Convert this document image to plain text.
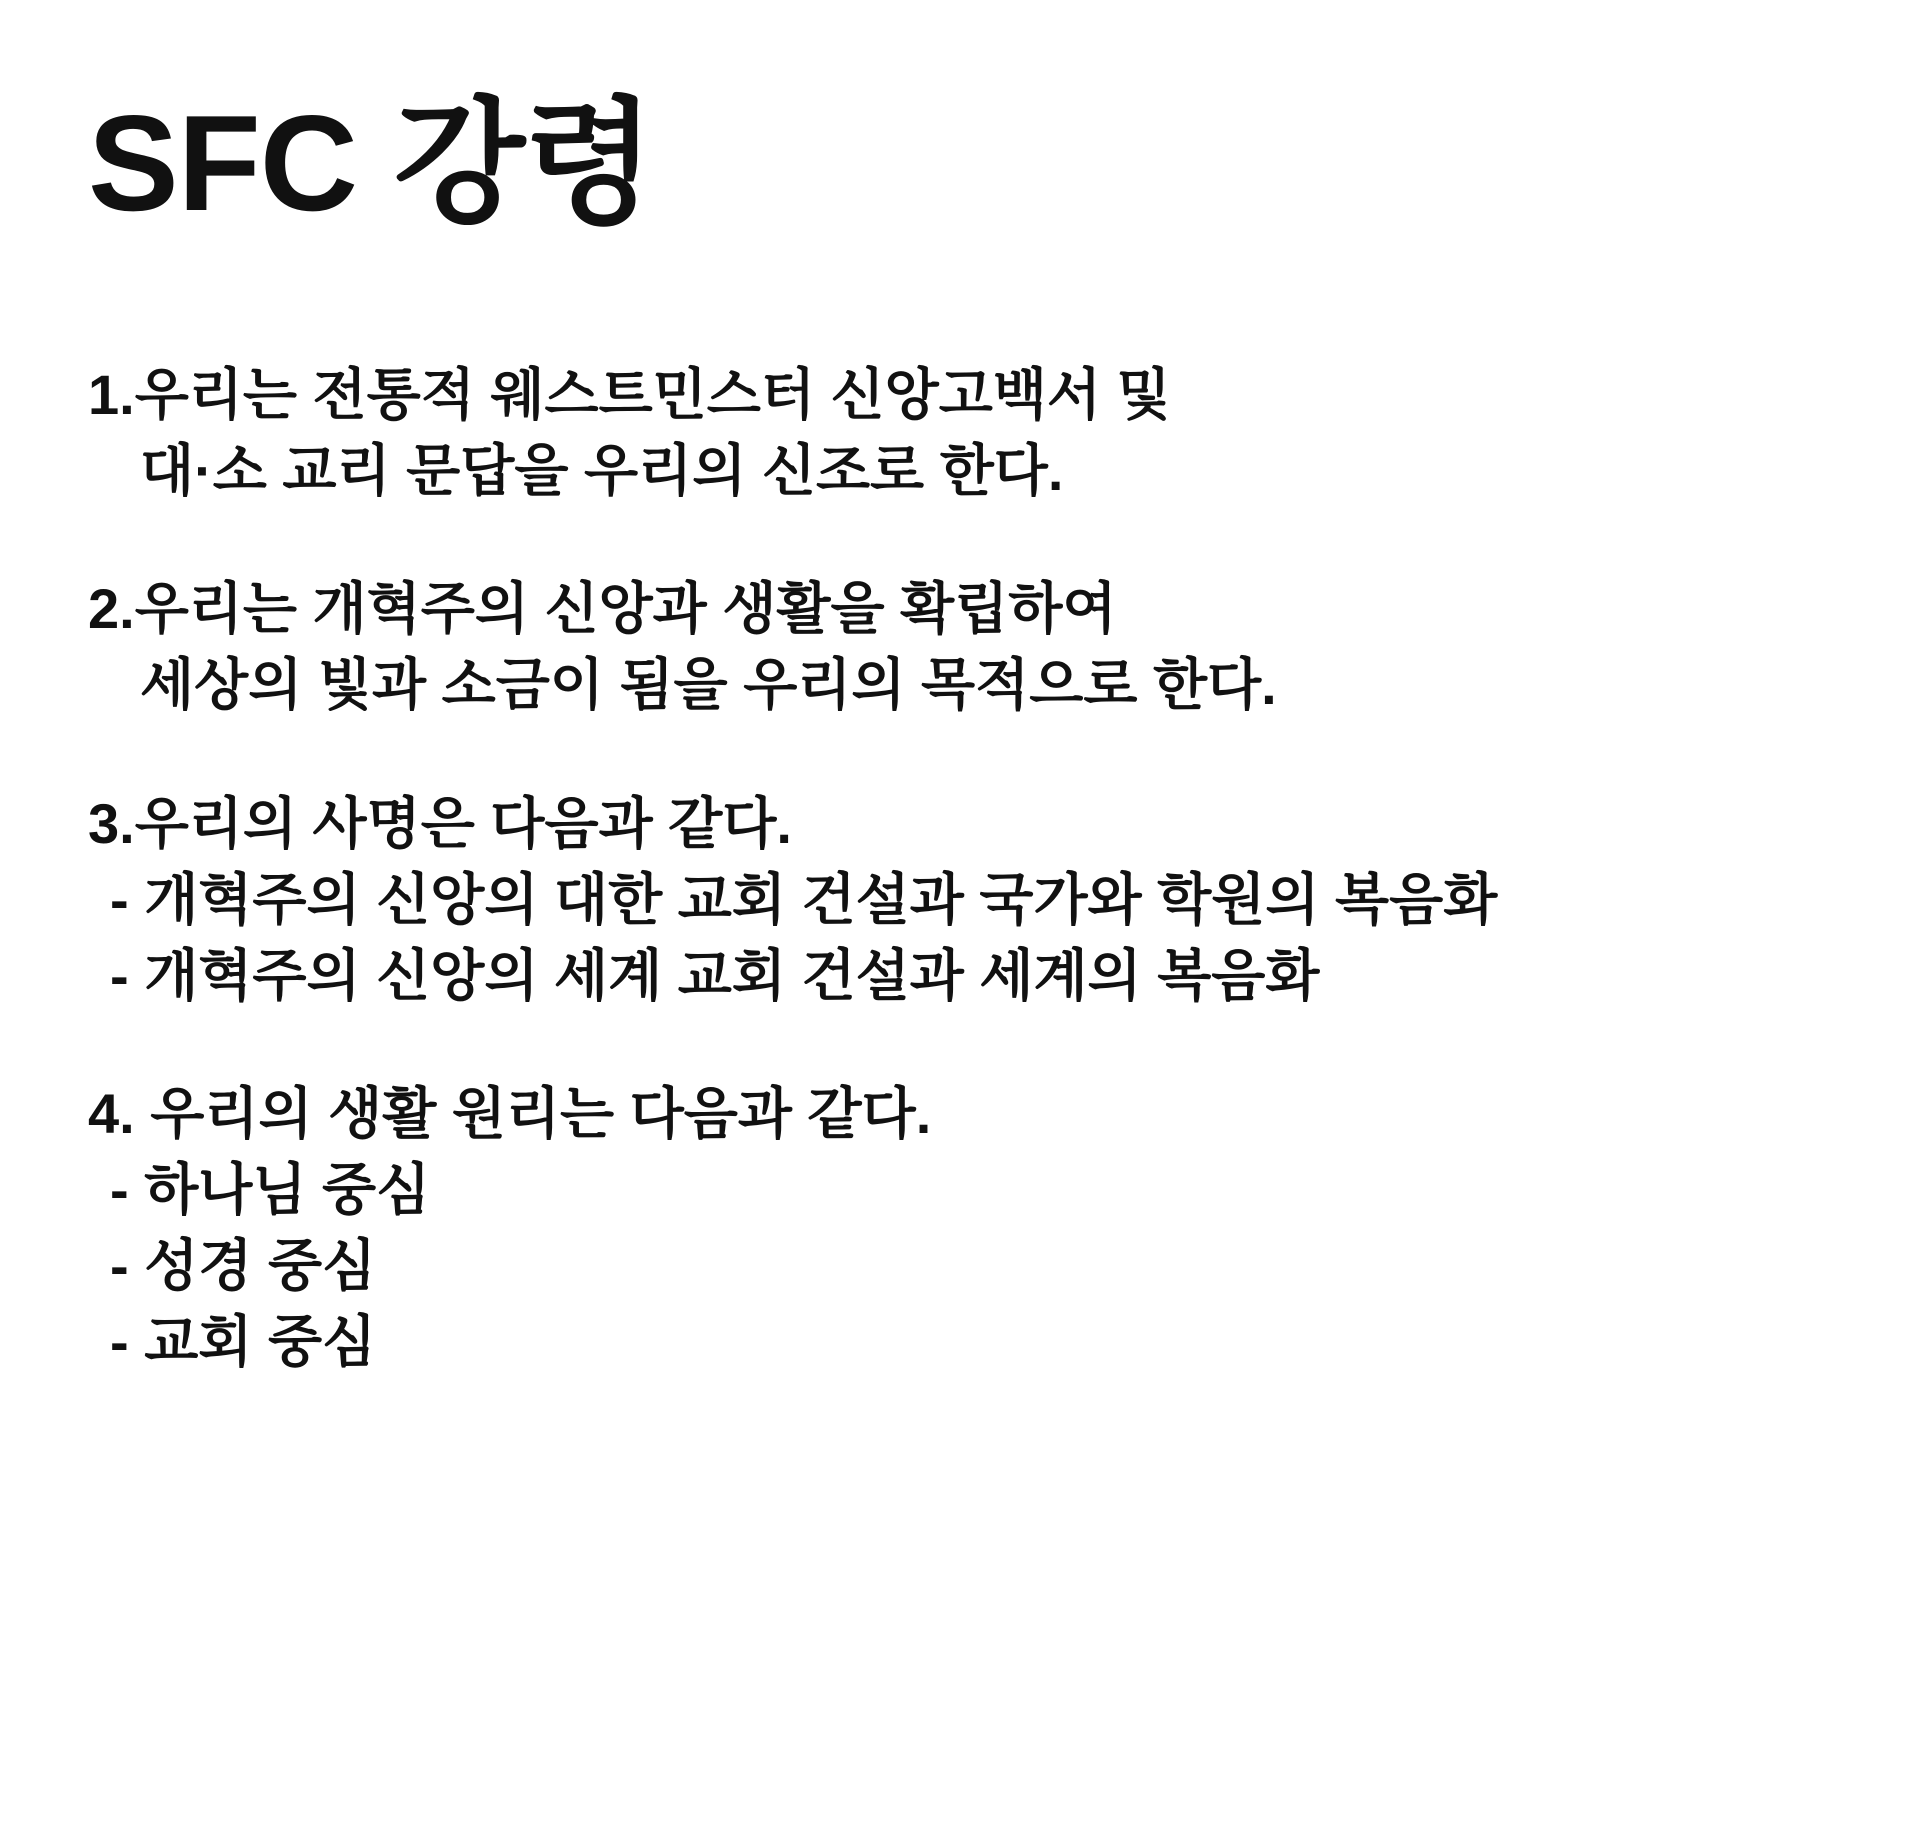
SFC 강령
1.우리는 전통적 웨스트민스터 신앙고백서 및
대·소 교리 문답을 우리의 신조로 한다.
2.우리는 개혁주의 신앙과 생활을 확립하여
세상의 빛과 소금이 됨을 우리의 목적으로 한다.
3.우리의 사명은 다음과 같다.
- 개혁주의 신앙의 대한 교회 건설과 국가와 학원의 복음화
- 개혁주의 신앙의 세계 교회 건설과 세계의 복음화
4. 우리의 생활 원리는 다음과 같다.
- 하나님 중심
- 성경 중심
- 교회 중심
